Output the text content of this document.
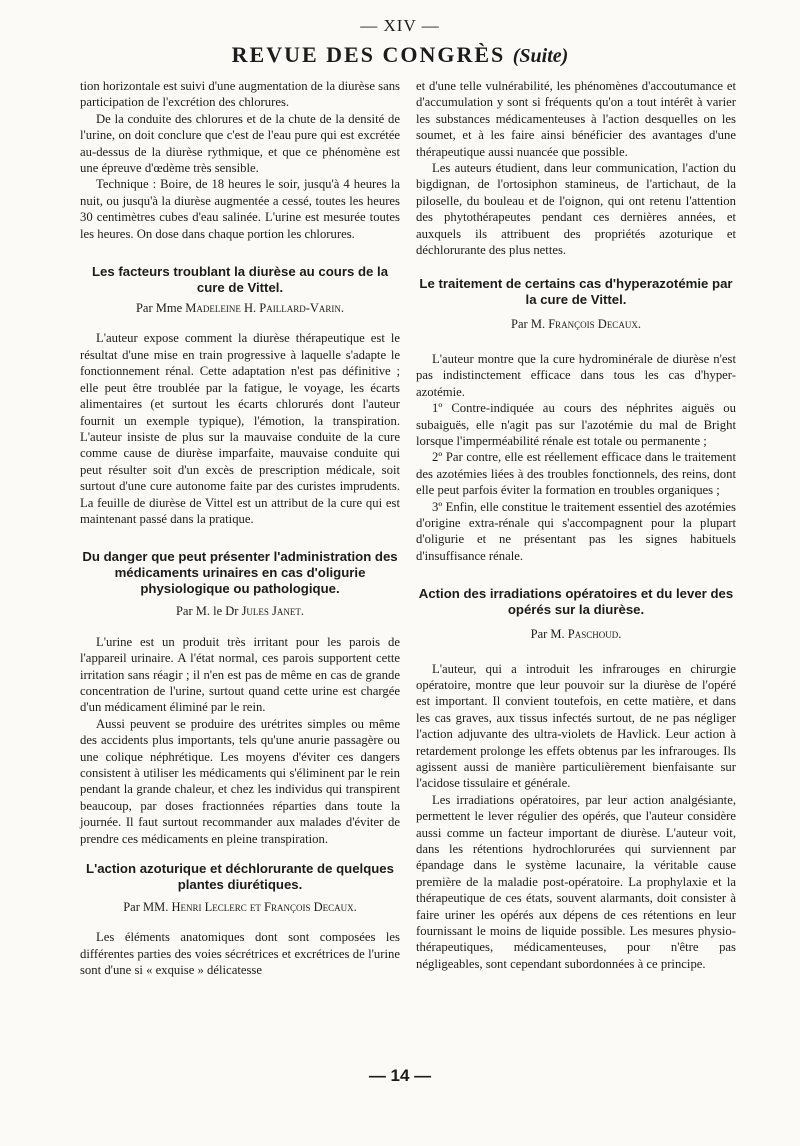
— XIV —
REVUE DES CONGRÈS (Suite)

tion horizontale est suivi d'une augmentation de la diurèse sans participation de l'excrétion des chlorures.

De la conduite des chlorures et de la chute de la densité de l'urine, on doit conclure que c'est de l'eau pure qui est excrétée au-dessus de la diurèse rythmique, et que ce phénomène est une épreuve d'œdème très sensible.

Technique : Boire, de 18 heures le soir, jusqu'à 4 heures la nuit, ou jusqu'à la diurèse augmentée a cessé, toutes les heures 30 centimètres cubes d'eau salinée. L'urine est mesurée toutes les heures. On dose dans chaque portion les chlorures.

Les facteurs troublant la diurèse au cours de la cure de Vittel.

Par Mme Madeleine H. Paillard-Varin.

L'auteur expose comment la diurèse thérapeutique est le résultat d'une mise en train progressive à laquelle s'adapte le fonctionnement rénal. Cette adaptation n'est pas définitive ; elle peut être troublée par la fatigue, le voyage, les écarts alimentaires (et surtout les écarts chlorurés dont l'auteur fournit un exemple typique), l'émotion, la transpiration. L'auteur insiste de plus sur la mauvaise conduite de la cure comme cause de diurèse imparfaite, mauvaise conduite qui peut résulter soit d'un excès de prescription médicale, soit surtout d'une cure autonome faite par des curistes imprudents. La feuille de diurèse de Vittel est un attribut de la cure qui est maintenant passé dans la pratique.

Du danger que peut présenter l'administration des médicaments urinaires en cas d'oligurie physiologique ou pathologique.

Par M. le Dr Jules Janet.

L'urine est un produit très irritant pour les parois de l'appareil urinaire. A l'état normal, ces parois supportent cette irritation sans réagir ; il n'en est pas de même en cas de grande concentration de l'urine, surtout quand cette urine est chargée d'un médicament éliminé par le rein.

Aussi peuvent se produire des urétrites simples ou même des accidents plus importants, tels qu'une anurie passagère ou une colique néphrétique. Les moyens d'éviter ces dangers consistent à utiliser les médicaments qui s'éliminent par le rein pendant la grande chaleur, et chez les individus qui transpirent beaucoup, par doses fractionnées réparties dans toute la journée. Il faut surtout recommander aux malades d'éviter de prendre ces médicaments en pleine transpiration.

L'action azoturique et déchlorurante de quelques plantes diurétiques.

Par MM. Henri Leclerc et François Decaux.

Les éléments anatomiques dont sont composées les différentes parties des voies sécrétrices et excrétrices de l'urine sont d'une si « exquise » délicatesse

et d'une telle vulnérabilité, les phénomènes d'accoutumance et d'accumulation y sont si fréquents qu'on a tout intérêt à varier les substances médicamenteuses à l'action desquelles on les soumet, et à les faire ainsi bénéficier des avantages d'une thérapeutique aussi nuancée que possible.

Les auteurs étudient, dans leur communication, l'action du bigdignan, de l'ortosiphon stamineus, de l'artichaut, de la piloselle, du bouleau et de l'oignon, qui ont retenu l'attention des phytothérapeutes pendant ces dernières années, et auxquels ils attribuent des propriétés azoturique et déchlorurante des plus nettes.

Le traitement de certains cas d'hyperazotémie par la cure de Vittel.

Par M. François Decaux.

L'auteur montre que la cure hydrominérale de diurèse n'est pas indistinctement efficace dans tous les cas d'hyper-azotémie.

1º Contre-indiquée au cours des néphrites aiguës ou subaiguës, elle n'agit pas sur l'azotémie du mal de Bright lorsque l'imperméabilité rénale est totale ou permanente ;

2º Par contre, elle est réellement efficace dans le traitement des azotémies liées à des troubles fonctionnels, des reins, dont elle peut parfois éviter la formation en troubles organiques ;

3º Enfin, elle constitue le traitement essentiel des azotémies d'origine extra-rénale qui s'accompagnent pour la plupart d'oligurie et ne présentant pas les signes habituels d'insuffisance rénale.

Action des irradiations opératoires et du lever des opérés sur la diurèse.

Par M. Paschoud.

L'auteur, qui a introduit les infrarouges en chirurgie opératoire, montre que leur pouvoir sur la diurèse de l'opéré est important. Il convient toutefois, en cette matière, et dans les cas graves, aux tissus infectés surtout, de ne pas négliger l'action adjuvante des ultra-violets de Havlick. Leur action à retardement prolonge les effets obtenus par les infrarouges. Ils agissent aussi de manière particulièrement bienfaisante sur l'acidose tissulaire et générale.

Les irradiations opératoires, par leur action analgésiante, permettent le lever régulier des opérés, que l'auteur considère aussi comme un facteur important de diurèse. L'auteur voit, dans les rétentions hydrochlorurées qui surviennent par épandage dans le système lacunaire, la véritable cause première de la maladie post-opératoire. La prophylaxie et la thérapeutique de ces états, souvent alarmants, doit consister à faire uriner les opérés aux dépens de ces rétentions en leur fournissant le moins de liquide possible. Les mesures physio-thérapeutiques, médicamenteuses, pour n'être pas négligeables, sont cependant subordonnées à ce principe.

— 14 —
